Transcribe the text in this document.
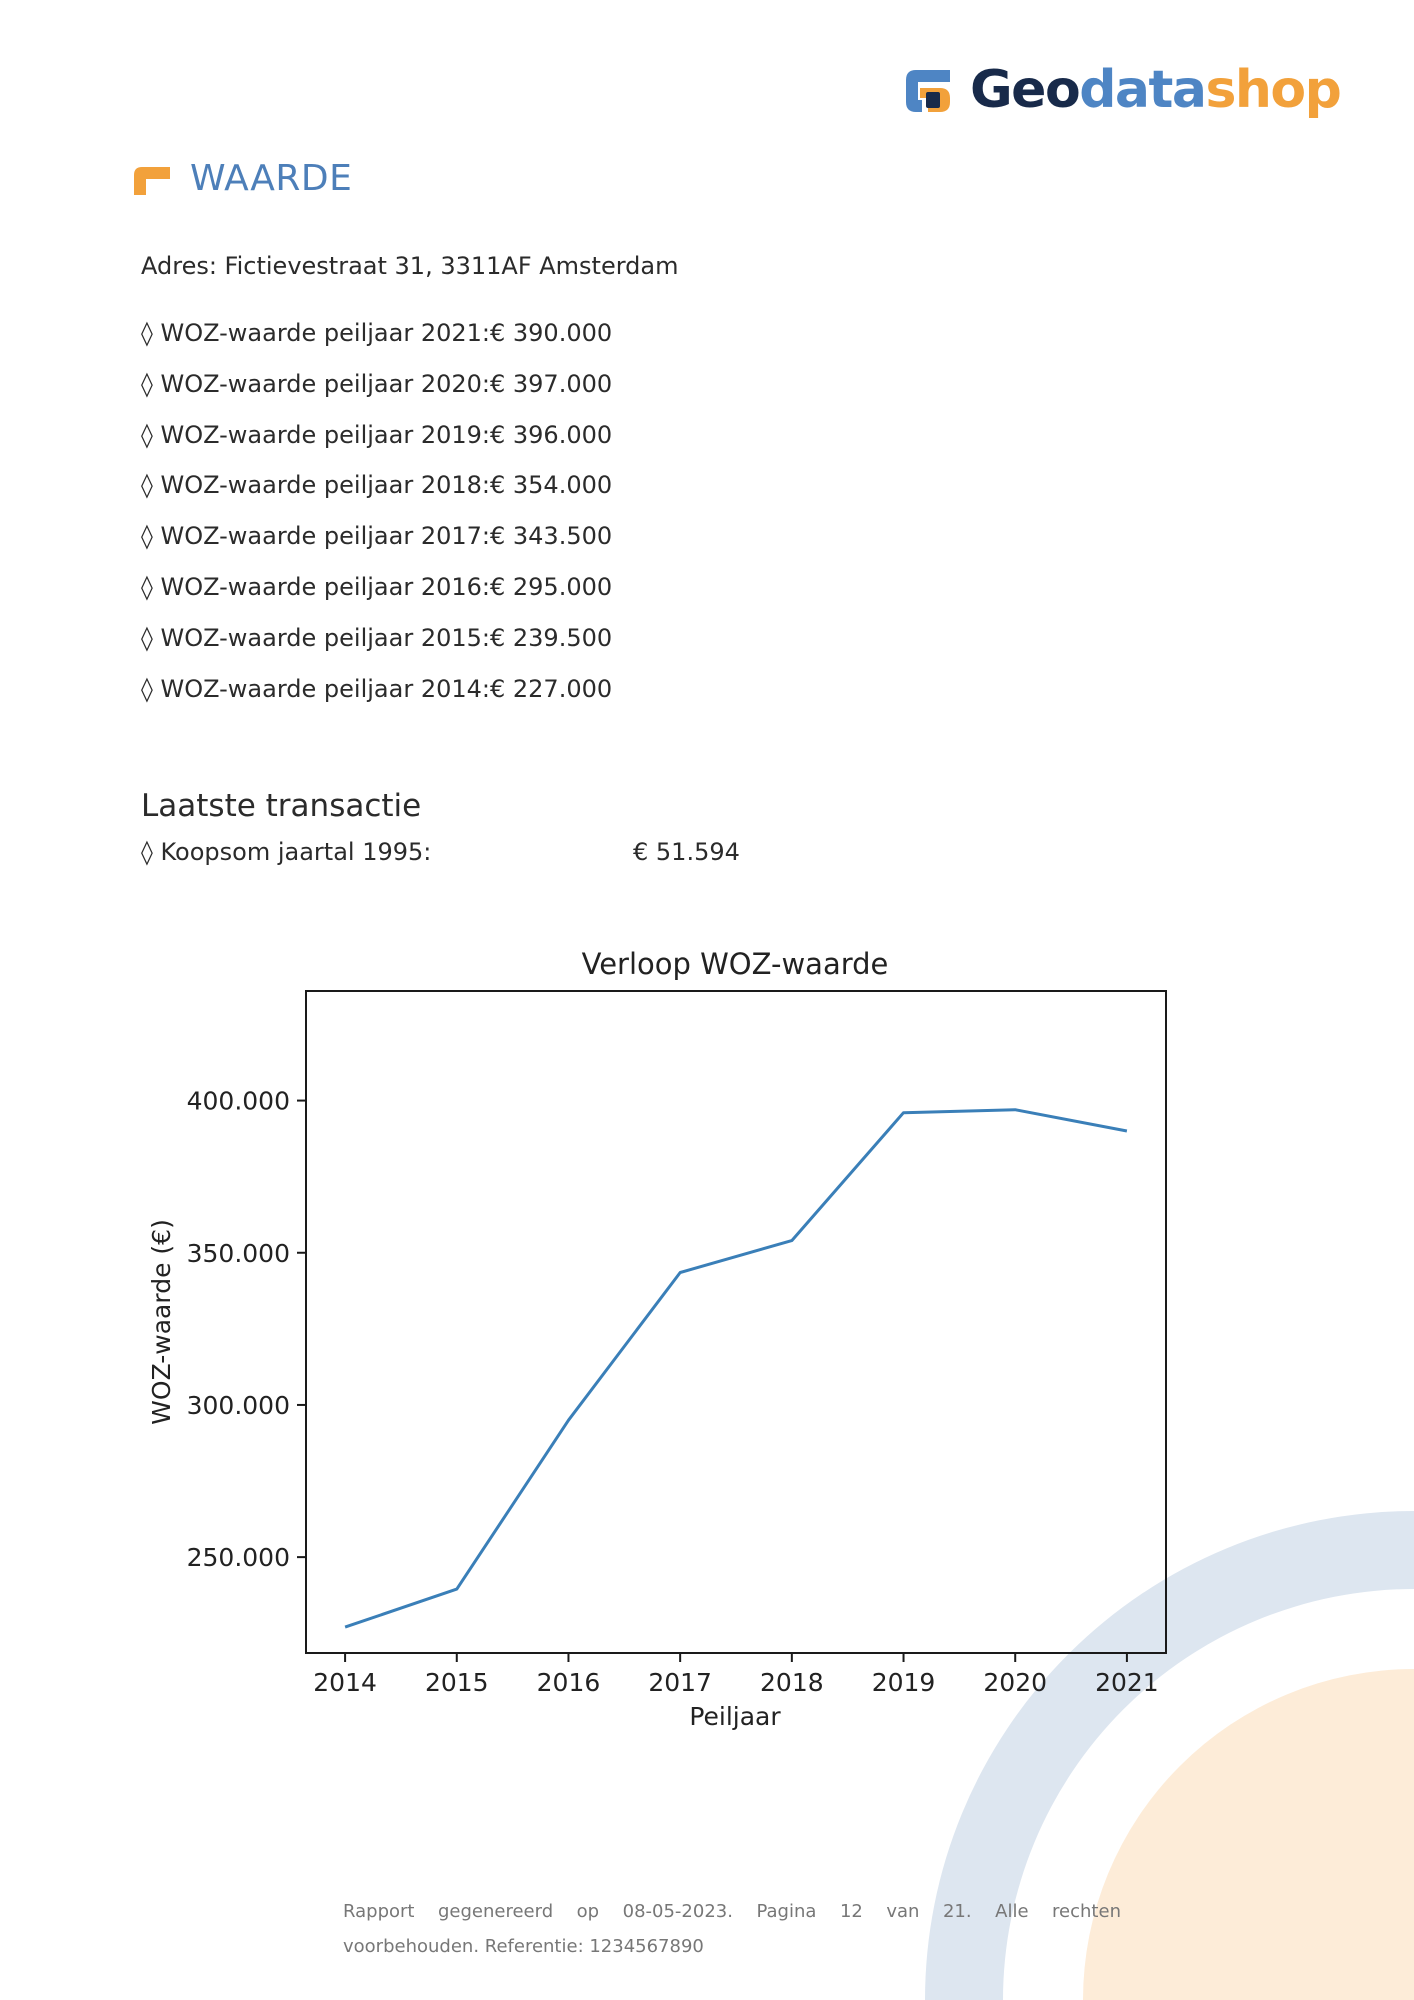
Geodatashop
WAARDE
Adres: Fictievestraat 31, 3311AF Amsterdam
◊ WOZ-waarde peiljaar 2021:€ 390.000
◊ WOZ-waarde peiljaar 2020:€ 397.000
◊ WOZ-waarde peiljaar 2019:€ 396.000
◊ WOZ-waarde peiljaar 2018:€ 354.000
◊ WOZ-waarde peiljaar 2017:€ 343.500
◊ WOZ-waarde peiljaar 2016:€ 295.000
◊ WOZ-waarde peiljaar 2015:€ 239.500
◊ WOZ-waarde peiljaar 2014:€ 227.000
Laatste transactie
◊ Koopsom jaartal 1995:	€ 51.594
Verloop WOZ-waarde
250.000
300.000
350.000
400.000
2014 2015 2016 2017 2018 2019 2020 2021
Peiljaar
WOZ-waarde (€)
Rapport gegenereerd op 08-05-2023. Pagina 12 van 21. Alle rechten
voorbehouden. Referentie: 1234567890
